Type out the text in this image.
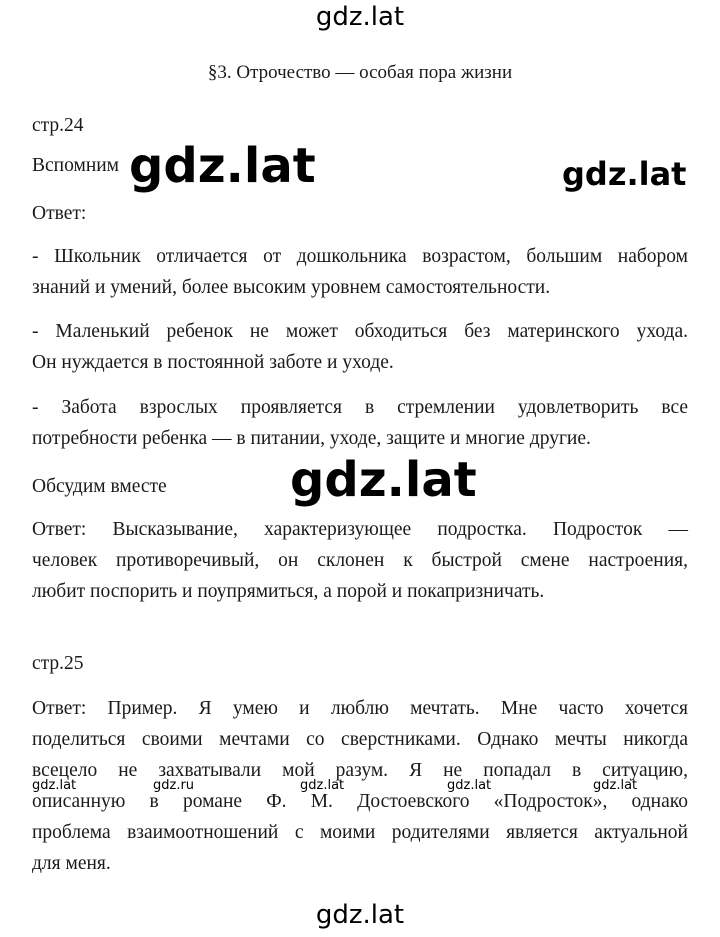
gdz.lat
§3. Отрочество — особая пора жизни
стр.24
Вспомним
Ответ:
- Школьник отличается от дошкольника возрастом, большим набором
знаний и умений, более высоким уровнем самостоятельности.
- Маленький ребенок не может обходиться без материнского ухода.
Он нуждается в постоянной заботе и уходе.
- Забота взрослых проявляется в стремлении удовлетворить все
потребности ребенка — в питании, уходе, защите и многие другие.
Обсудим вместе
Ответ: Высказывание, характеризующее подростка. Подросток —
человек противоречивый, он склонен к быстрой смене настроения,
любит поспорить и поупрямиться, а порой и покапризничать.
стр.25
Ответ: Пример. Я умею и люблю мечтать. Мне часто хочется
поделиться своими мечтами со сверстниками. Однако мечты никогда
всецело не захватывали мой разум. Я не попадал в ситуацию,
описанную в романе Ф. М. Достоевского «Подросток», однако
проблема взаимоотношений с моими родителями является актуальной
для меня.
gdz.lat	gdz.lat
gdz.lat
gdz.lat	gdz.ru	gdz.lat	gdz.lat	gdz.lat
gdz.lat
